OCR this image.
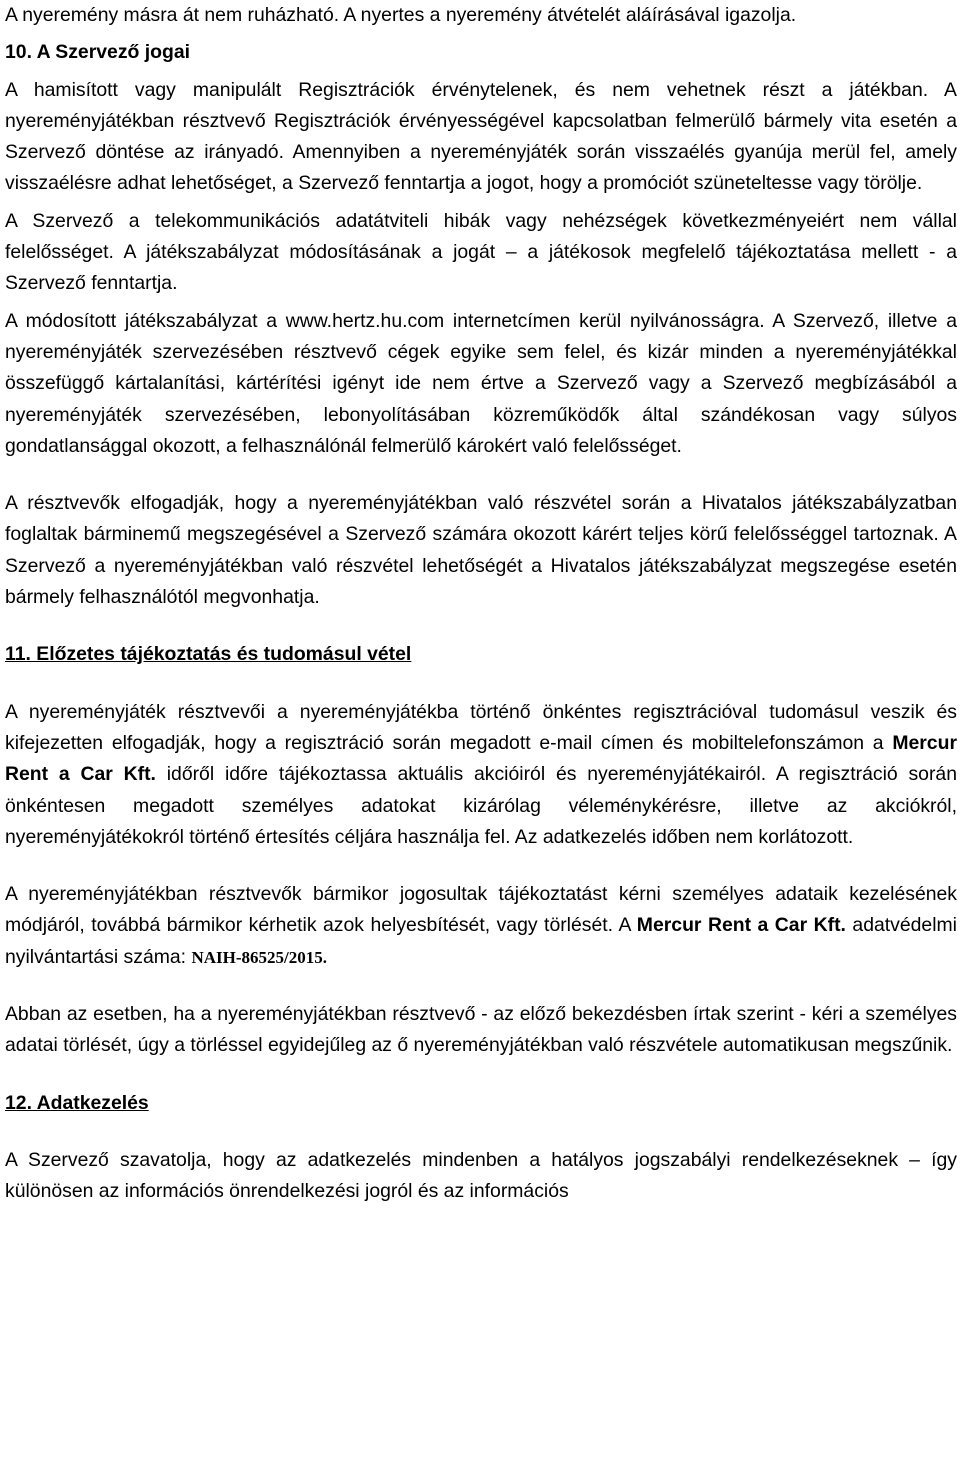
A nyeremény másra át nem ruházható. A nyertes a nyeremény átvételét aláírásával igazolja.

10. A Szervező jogai

A hamisított vagy manipulált Regisztrációk érvénytelenek, és nem vehetnek részt a játékban. A nyereményjátékban résztvevő Regisztrációk érvényességével kapcsolatban felmerülő bármely vita esetén a Szervező döntése az irányadó. Amennyiben a nyereményjáték során visszaélés gyanúja merül fel, amely visszaélésre adhat lehetőséget, a Szervező fenntartja a jogot, hogy a promóciót szüneteltesse vagy törölje.

A Szervező a telekommunikációs adatátviteli hibák vagy nehézségek következményeiért nem vállal felelősséget. A játékszabályzat módosításának a jogát – a játékosok megfelelő tájékoztatása mellett - a Szervező fenntartja.

A módosított játékszabályzat a www.hertz.hu.com internetcímen kerül nyilvánosságra. A Szervező, illetve a nyereményjáték szervezésében résztvevő cégek egyike sem felel, és kizár minden a nyereményjátékkal összefüggő kártalanítási, kártérítési igényt ide nem értve a Szervező vagy a Szervező megbízásából a nyereményjáték szervezésében, lebonyolításában közreműködők által szándékosan vagy súlyos gondatlansággal okozott, a felhasználónál felmerülő károkért való felelősséget.

A résztvevők elfogadják, hogy a nyereményjátékban való részvétel során a Hivatalos játékszabályzatban foglaltak bárminemű megszegésével a Szervező számára okozott kárért teljes körű felelősséggel tartoznak. A Szervező a nyereményjátékban való részvétel lehetőségét a Hivatalos játékszabályzat megszegése esetén bármely felhasználótól megvonhatja.

11. Előzetes tájékoztatás és tudomásul vétel

A nyereményjáték résztvevői a nyereményjátékba történő önkéntes regisztrációval tudomásul veszik és kifejezetten elfogadják, hogy a regisztráció során megadott e-mail címen és mobiltelefonszámon a Mercur Rent a Car Kft. időről időre tájékoztassa aktuális akcióiról és nyereményjátékairól. A regisztráció során önkéntesen megadott személyes adatokat kizárólag véleménykérésre, illetve az akciókról, nyereményjátékokról történő értesítés céljára használja fel. Az adatkezelés időben nem korlátozott.

A nyereményjátékban résztvevők bármikor jogosultak tájékoztatást kérni személyes adataik kezelésének módjáról, továbbá bármikor kérhetik azok helyesbítését, vagy törlését. A Mercur Rent a Car Kft. adatvédelmi nyilvántartási száma: NAIH-86525/2015.

Abban az esetben, ha a nyereményjátékban résztvevő - az előző bekezdésben írtak szerint - kéri a személyes adatai törlését, úgy a törléssel egyidejűleg az ő nyereményjátékban való részvétele automatikusan megszűnik.

12. Adatkezelés

A Szervező szavatolja, hogy az adatkezelés mindenben a hatályos jogszabályi rendelkezéseknek – így különösen az információs önrendelkezési jogról és az információs
